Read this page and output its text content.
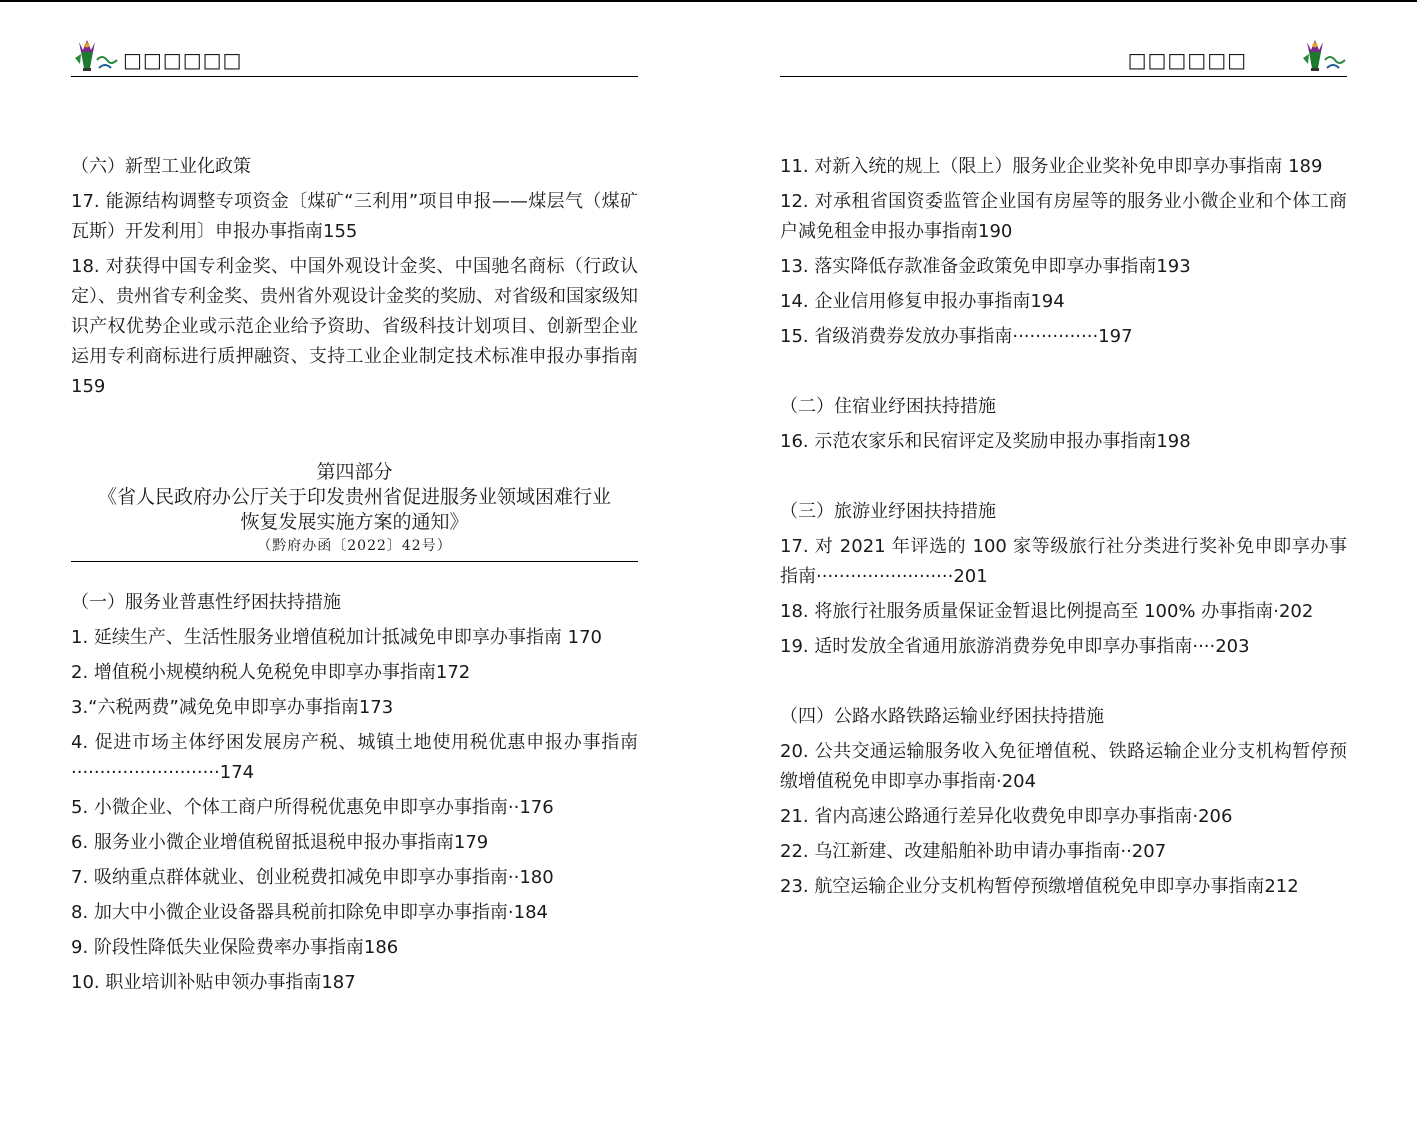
□□□□□□
（六）新型工业化政策
17. 能源结构调整专项资金〔煤矿“三利用”项目申报——煤层气（煤矿瓦斯）开发利用〕申报办事指南155
18. 对获得中国专利金奖、中国外观设计金奖、中国驰名商标（行政认定）、贵州省专利金奖、贵州省外观设计金奖的奖励、对省级和国家级知识产权优势企业或示范企业给予资助、省级科技计划项目、创新型企业运用专利商标进行质押融资、支持工业企业制定技术标准申报办事指南159
第四部分
《省人民政府办公厅关于印发贵州省促进服务业领域困难行业
恢复发展实施方案的通知》
（黔府办函〔2022〕42号）
（一）服务业普惠性纾困扶持措施
1. 延续生产、生活性服务业增值税加计抵减免申即享办事指南 170
2. 增值税小规模纳税人免税免申即享办事指南172
3.“六税两费”减免免申即享办事指南173
4. 促进市场主体纾困发展房产税、城镇土地使用税优惠申报办事指南 ··························174
5. 小微企业、个体工商户所得税优惠免申即享办事指南··176
6. 服务业小微企业增值税留抵退税申报办事指南179
7. 吸纳重点群体就业、创业税费扣减免申即享办事指南··180
8. 加大中小微企业设备器具税前扣除免申即享办事指南·184
9. 阶段性降低失业保险费率办事指南186
10. 职业培训补贴申领办事指南187
□□□□□□
11. 对新入统的规上（限上）服务业企业奖补免申即享办事指南 189
12. 对承租省国资委监管企业国有房屋等的服务业小微企业和个体工商户减免租金申报办事指南190
13. 落实降低存款准备金政策免申即享办事指南193
14. 企业信用修复申报办事指南194
15. 省级消费券发放办事指南···············197
（二）住宿业纾困扶持措施
16. 示范农家乐和民宿评定及奖励申报办事指南198
（三）旅游业纾困扶持措施
17. 对 2021 年评选的 100 家等级旅行社分类进行奖补免申即享办事指南························201
18. 将旅行社服务质量保证金暂退比例提高至 100% 办事指南·202
19. 适时发放全省通用旅游消费券免申即享办事指南····203
（四）公路水路铁路运输业纾困扶持措施
20. 公共交通运输服务收入免征增值税、铁路运输企业分支机构暂停预缴增值税免申即享办事指南·204
21. 省内高速公路通行差异化收费免申即享办事指南·206
22. 乌江新建、改建船舶补助申请办事指南··207
23. 航空运输企业分支机构暂停预缴增值税免申即享办事指南212
